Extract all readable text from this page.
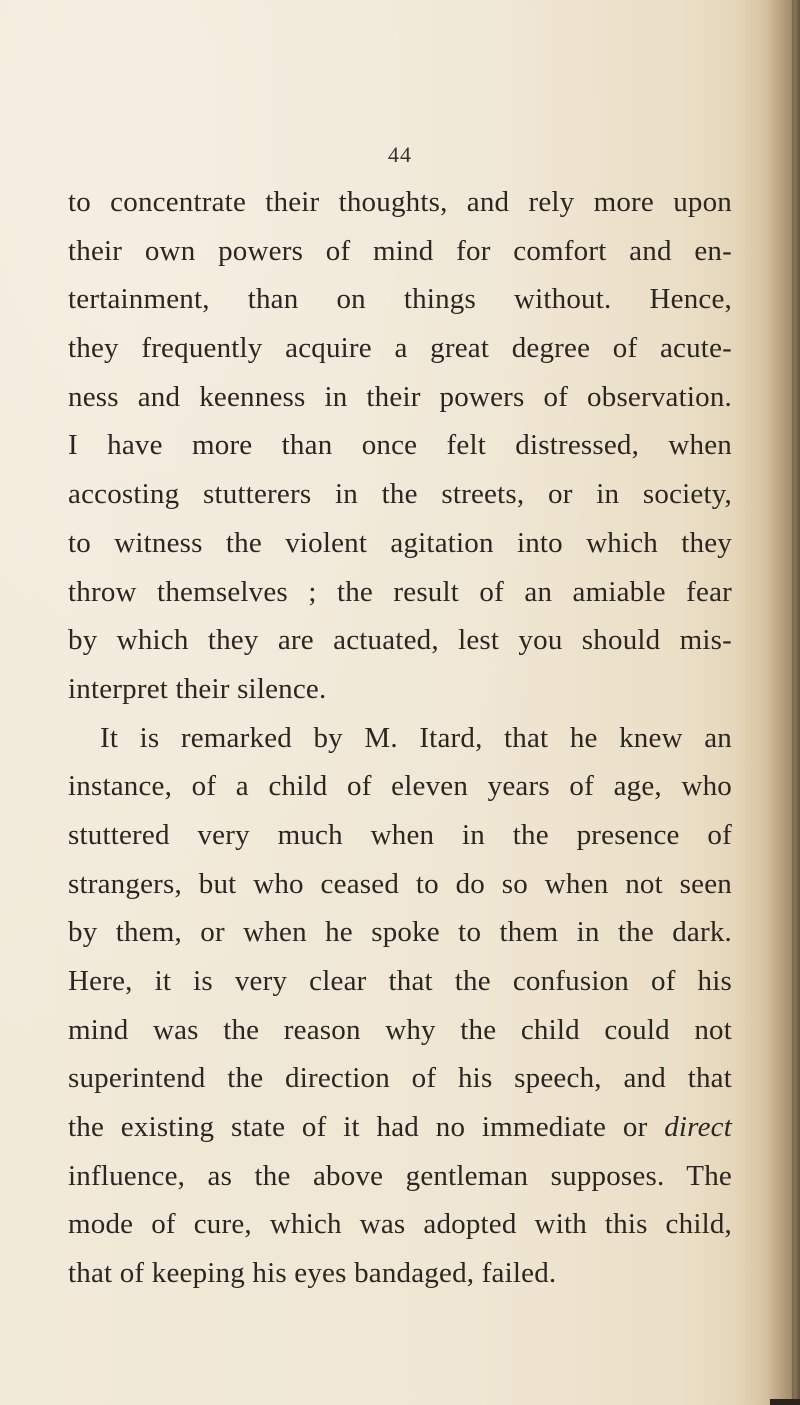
44
to concentrate their thoughts, and rely more upon
their own powers of mind for comfort and en-
tertainment, than on things without. Hence,
they frequently acquire a great degree of acute-
ness and keenness in their powers of observation.
I have more than once felt distressed, when
accosting stutterers in the streets, or in society,
to witness the violent agitation into which they
throw themselves ; the result of an amiable fear
by which they are actuated, lest you should mis-
interpret their silence.
It is remarked by M. Itard, that he knew an
instance, of a child of eleven years of age, who
stuttered very much when in the presence of
strangers, but who ceased to do so when not seen
by them, or when he spoke to them in the dark.
Here, it is very clear that the confusion of his
mind was the reason why the child could not
superintend the direction of his speech, and that
the existing state of it had no immediate or direct
influence, as the above gentleman supposes. The
mode of cure, which was adopted with this child,
that of keeping his eyes bandaged, failed.
